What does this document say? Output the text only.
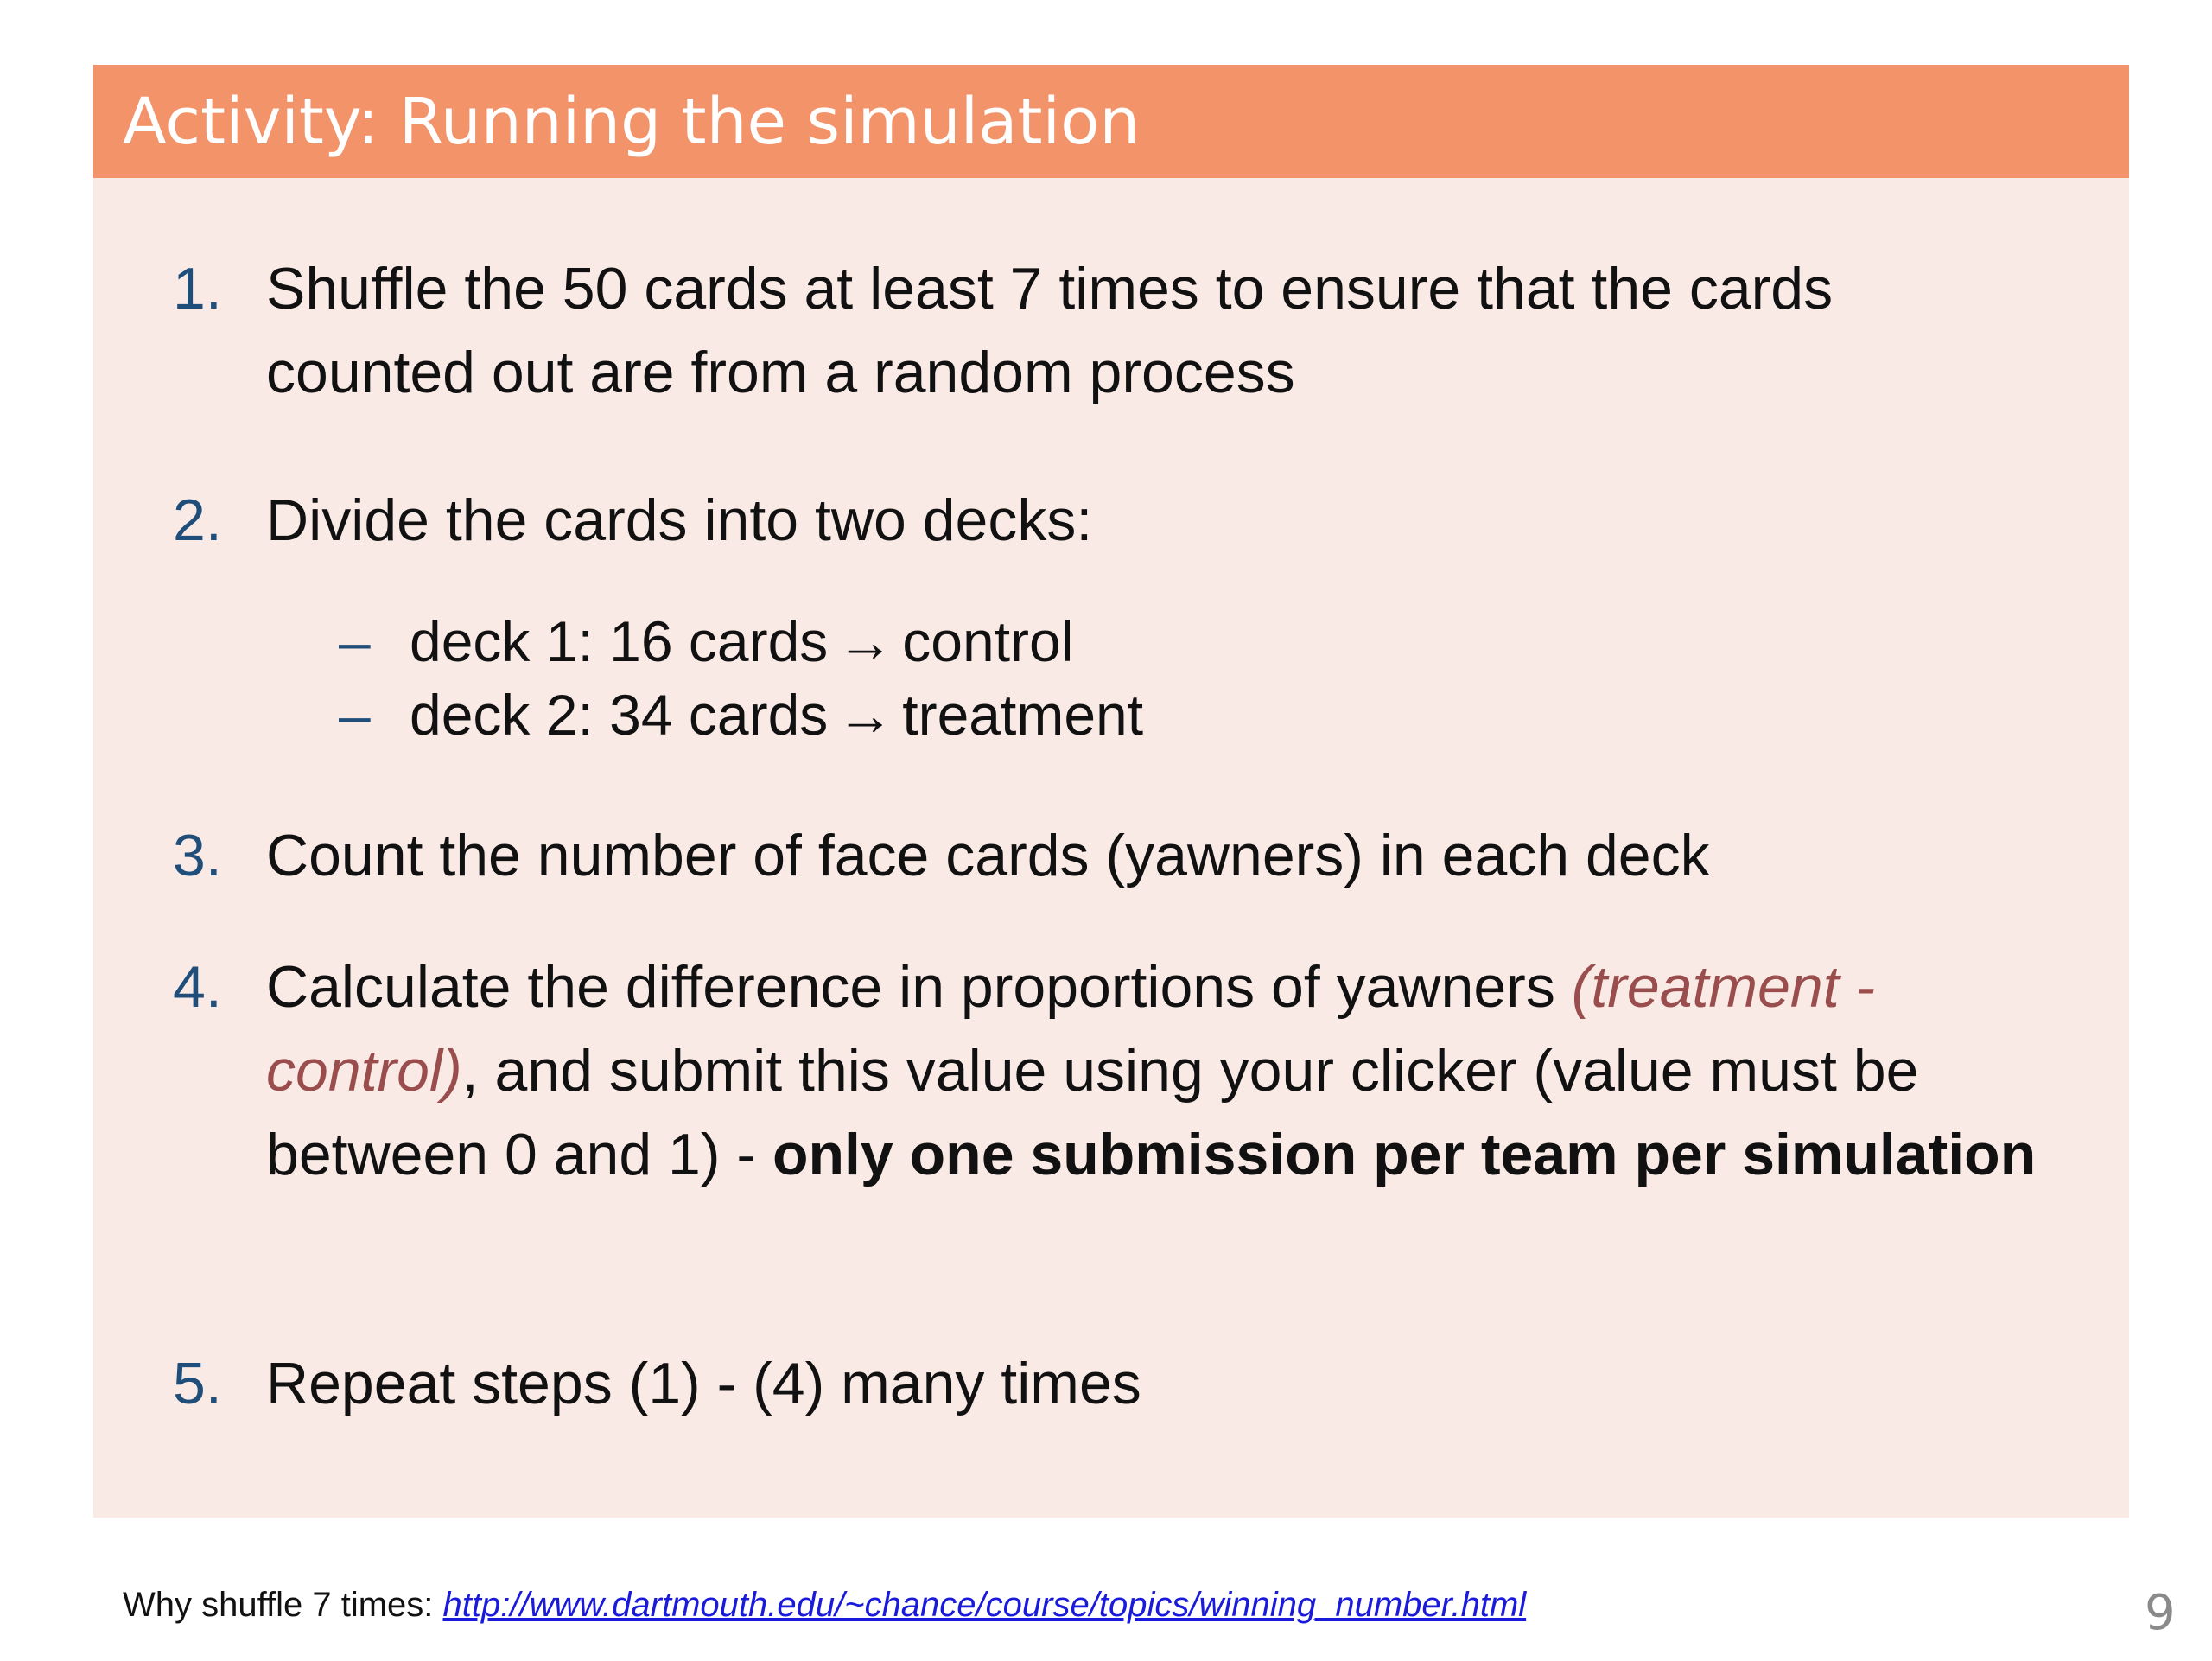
Activity: Running the simulation
1. Shuffle the 50 cards at least 7 times to ensure that the cards counted out are from a random process
2. Divide the cards into two decks:
– deck 1: 16 cards → control
– deck 2: 34 cards → treatment
3. Count the number of face cards (yawners) in each deck
4. Calculate the difference in proportions of yawners (treatment - control), and submit this value using your clicker (value must be between 0 and 1) - only one submission per team per simulation
5. Repeat steps (1) - (4) many times
Why shuffle 7 times: http://www.dartmouth.edu/~chance/course/topics/winning_number.html	9
